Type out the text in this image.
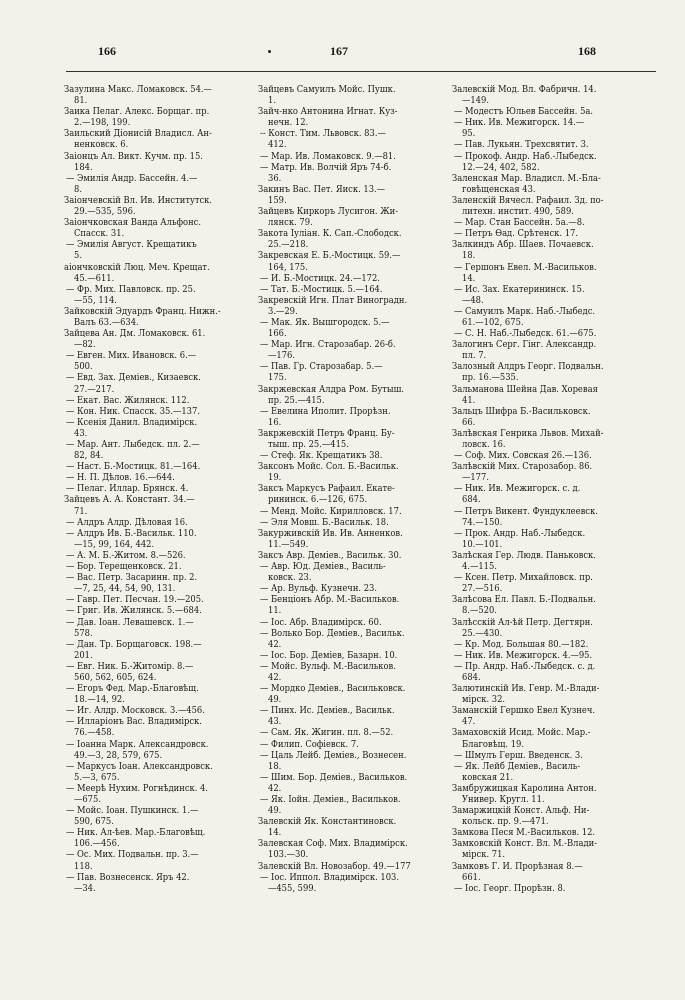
166	167	168
Зазулина Макс. Ломаковск. 54.—
81.
Заика Пелаг. Алекс. Борщаг. пр.
2.—198, 199.
Заильский Діонисій Владисл. Ан-
ненковск. 6.
Заіонцъ Ал. Викт. Кучм. пр. 15.
184.
— Эмилія Андр. Бассейн. 4.—
8.
Заіончевскій Вл. Ив. Институтск.
29.—535, 596.
Заіончковская Ванда Альфонс.
Спасск. 31.
— Эмилія Август. Крещатикъ
5.
аіончковскій Люц. Меч. Крещат.
45.—611.
— Фр. Мих. Павловск. пр. 25.
—55, 114.
Зайковскій Эдуардъ Франц. Нижн.-
Валъ 63.—634.
Зайцева Ан. Дм. Ломаковск. 61.
—82.
— Евген. Мих. Ивановск. 6.—
500.
— Евд. Зах. Деміев., Кизаевск.
27.—217.
— Екат. Вас. Жилянск. 112.
— Кон. Ник. Спасск. 35.—137.
— Ксенія Данил. Владимірск.
43.
— Мар. Ант. Лыбедск. пл. 2.—
82, 84.
— Наст. Б.-Мостицк. 81.—164.
— Н. П. Дѣлов. 16.—644.
— Пелаг. Иллар. Брянск. 4.
Зайцевъ А. А. Констант. 34.—
71.
— Алдръ Алдр. Дѣловая 16.
— Алдръ Ив. Б.-Васильк. 110.
—15, 99, 164, 442.
— А. М. Б.-Житом. 8.—526.
— Бор. Терещенковск. 21.
— Вас. Петр. Засаринн. пр. 2.
—7, 25, 44, 54, 90, 131.
— Гавр. Пет. Песчан. 19.—205.
— Григ. Ив. Жилянск. 5.—684.
— Дав. Іоан. Левашевск. 1.—
578.
— Дан. Тр. Борщаговск. 198.—
201.
— Евг. Ник. Б.-Житомір. 8.—
560, 562, 605, 624.
— Егоръ Фед. Мар.-Благовѣщ.
18.—14, 92.
— Иг. Алдр. Московск. 3.—456.
— Илларіонъ Вас. Владимірск.
76.—458.
— Іоанна Марк. Александровск.
49.—3, 28, 579, 675.
— Маркусъ Іоан. Александровск.
5.—3, 675.
— Меерѣ Нухим. Рогнѣдинск. 4.
—675.
— Мойс. Іоан. Пушкинск. 1.—
590, 675.
— Ник. Ал-ѣев. Мар.-Благовѣщ.
106.—456.
— Ос. Мих. Подвальн. пр. 3.—
118.
— Пав. Вознесенск. Яръ 42.
—34.
Зайцевъ Самуилъ Мойс. Пушк.
1.
Зайч-нко Антонина Игнат. Куз-
нечн. 12.
-- Конст. Тим. Львовск. 83.—
412.
— Мар. Ив. Ломаковск. 9.—81.
— Матр. Ив. Волчій Яръ 74-б.
36.
Закинъ Вас. Пет. Яиск. 13.—
159.
Зайцевъ Киркоръ Лусигон. Жи-
лянск. 79.
Закота Іуліан. К. Сап.-Слободск.
25.—218.
Закревская Е. Б.-Мостицк. 59.—
164, 175.
— И. Б.-Мостицк. 24.—172.
— Тат. Б.-Мостицк. 5.—164.
Закревскій Игн. Плат Виноградн.
3.—29.
— Мак. Як. Вышгородск. 5.—
166.
— Мар. Игн. Старозабар. 26-б.
—176.
— Пав. Гр. Старозабар. 5.—
175.
Закржевская Алдра Ром. Бутыш.
пр. 25.—415.
— Евелина Иполит. Прорѣзн.
16.
Закржевскій Петръ Франц. Бу-
тыш. пр. 25.—415.
— Стеф. Як. Крещатикъ 38.
Заксонъ Мойс. Сол. Б.-Васильк.
19.
Заксъ Маркусъ Рафаил. Екате-
рининск. 6.—126, 675.
— Менд. Мойс. Кирилловск. 17.
— Эля Мовш. Б.-Васильк. 18.
Закурживскій Ив. Ив. Анненков.
11.—549.
Заксъ Авр. Деміев., Васильк. 30.
— Авр. Юд. Деміев., Василь-
ковск. 23.
— Ар. Вульф. Кузнечн. 23.
— Бенціонъ Абр. М.-Васильков.
11.
— Іос. Абр. Владимірск. 60.
— Волько Бор. Деміев., Васильк.
42.
— Іос. Бор. Деміев, Базарн. 10.
— Мойс. Вульф. М.-Васильков.
42.
— Мордко Деміев., Васильковск.
49.
— Пинх. Ис. Деміев., Васильк.
43.
— Сам. Як. Жигин. пл. 8.—52.
— Филип. Софіевск. 7.
— Цаль Лейб. Деміев., Вознесен.
18.
— Шим. Бор. Деміев., Васильков.
42.
— Як. Іойн. Деміев., Васильков.
49.
Залевскій Як. Константиновск.
14.
Залевская Соф. Мих. Владимірск.
103.—30.
Залевскій Вл. Новозабор. 49.—177
— Іос. Иппол. Владимірск. 103.
—455, 599.
Залевскій Мод. Вл. Фабричн. 14.
—149.
— Модестъ Юльев Бассейн. 5а.
— Ник. Ив. Межигорск. 14.—
95.
— Пав. Лукьян. Трехсвятит. 3.
— Прокоф. Андр. Наб.-Лыбедск.
12.—24, 402, 582.
Заленская Мар. Владисл. М.-Бла-
говѣщенская 43.
Заленскій Вячесл. Рафаил. Зд. по-
литехн. инстит. 490, 589.
— Мар. Стан Бассейн. 5а.—8.
— Петръ Ѳад. Срѣтенск. 17.
Залкиндъ Абр. Шаев. Почаевск.
18.
— Гершонъ Евел. М.-Васильков.
14.
— Ис. Зах. Екатерининск. 15.
—48.
— Самуилъ Марк. Наб.-Лыбедс.
61.—102, 675.
— С. Н. Наб.-Лыбедск. 61.—675.
Залогинъ Серг. Гінг. Александр.
пл. 7.
Залозный Алдръ Георг. Подвальн.
пр. 16.—535.
Зальманова Шейна Дав. Хоревая
41.
Зальцъ Шифра Б.-Васильковск.
66.
Залѣвская Генрика Львов. Михай-
ловск. 16.
— Соф. Мих. Совская 26.—136.
Залѣвскій Мих. Старозабор. 86.
—177.
— Ник. Ив. Межигорск. с. д.
684.
— Петръ Викент. Фундуклеевск.
74.—150.
— Прок. Андр. Наб.-Лыбедск.
10.—101.
Залѣская Гер. Людв. Паньковск.
4.—115.
— Ксен. Петр. Михайловск. пр.
27.—516.
Залѣсова Ел. Павл. Б.-Подвальн.
8.—520.
Залѣсскій Ал-ѣй Петр. Дегтярн.
25.—430.
— Кр. Мод. Большая 80.—182.
— Ник. Ив. Межигорск. 4.—95.
— Пр. Андр. Наб.-Лыбедск. с. д.
684.
Залютинскій Ив. Генр. М.-Влади-
мірск. 32.
Заманскій Гершко Евел Кузнеч.
47.
Замаховскій Исид. Мойс. Мар.-
Благовѣщ. 19.
— Шмулъ Герш. Введенск. 3.
— Як. Лейб Деміев., Василь-
ковская 21.
Замбружицкая Каролина Антон.
Универ. Кругл. 11.
Замаржицкій Конст. Альф. Ни-
кольск. пр. 9.—471.
Замкова Песя М.-Васильков. 12.
Замковскій Конст. Вл. М.-Влади-
мірск. 71.
Замковъ Г. И. Прорѣзная 8.—
661.
— Іос. Георг. Прорѣзн. 8.
